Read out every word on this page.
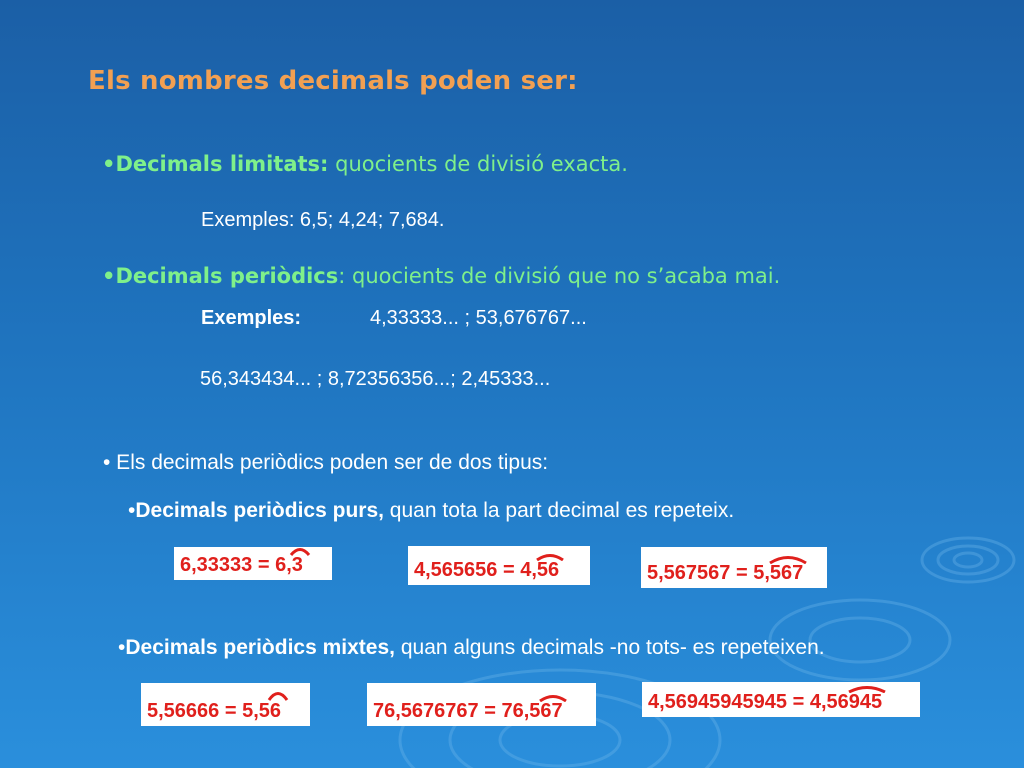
Els nombres decimals poden ser:
•Decimals limitats: quocients de divisió exacta.
Exemples: 6,5; 4,24; 7,684.
•Decimals periòdics: quocients de divisió que no s’acaba mai.
Exemples:	4,33333... ; 53,676767...
56,343434... ; 8,72356356...; 2,45333...
• Els decimals periòdics poden ser de dos tipus:
•Decimals periòdics purs, quan tota la part decimal es repeteix.
6,33333 = 6, 3	4,565656 = 4, 56	5,567567 = 5, 567
•Decimals periòdics mixtes, quan alguns decimals -no tots- es repeteixen.
5,56666 = 5,5 6	76,5676767 = 76,5 67	4,56945945945 = 4,56 945
